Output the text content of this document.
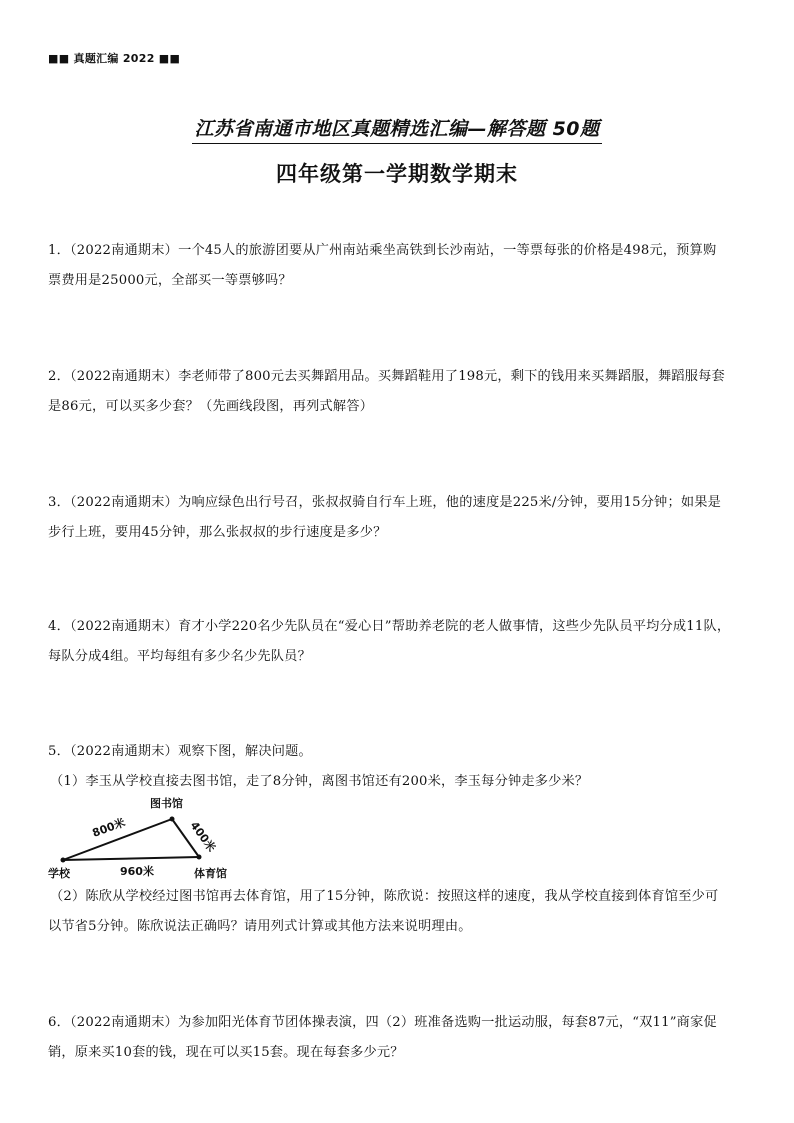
■■ 真题汇编 2022 ■■
江苏省南通市地区真题精选汇编—解答题 50题
四年级第一学期数学期末

1．（2022南通期末）一个45人的旅游团要从广州南站乘坐高铁到长沙南站，一等票每张的价格是498元，预算购

票费用是25000元，全部买一等票够吗？

2．（2022南通期末）李老师带了800元去买舞蹈用品。买舞蹈鞋用了198元，剩下的钱用来买舞蹈服，舞蹈服每套

是86元，可以买多少套？（先画线段图，再列式解答）

3．（2022南通期末）为响应绿色出行号召，张叔叔骑自行车上班，他的速度是225米/分钟，要用15分钟；如果是

步行上班，要用45分钟，那么张叔叔的步行速度是多少？

4．（2022南通期末）育才小学220名少先队员在“爱心日”帮助养老院的老人做事情，这些少先队员平均分成11队，

每队分成4组。平均每组有多少名少先队员？

5．（2022南通期末）观察下图，解决问题。

（1）李玉从学校直接去图书馆，走了8分钟，离图书馆还有200米，李玉每分钟走多少米？

图书馆
学校	体育馆
800米	400米
960米

（2）陈欣从学校经过图书馆再去体育馆，用了15分钟，陈欣说：按照这样的速度，我从学校直接到体育馆至少可

以节省5分钟。陈欣说法正确吗？请用列式计算或其他方法来说明理由。

6．（2022南通期末）为参加阳光体育节团体操表演，四（2）班准备选购一批运动服，每套87元，“双11”商家促

销，原来买10套的钱，现在可以买15套。现在每套多少元？
